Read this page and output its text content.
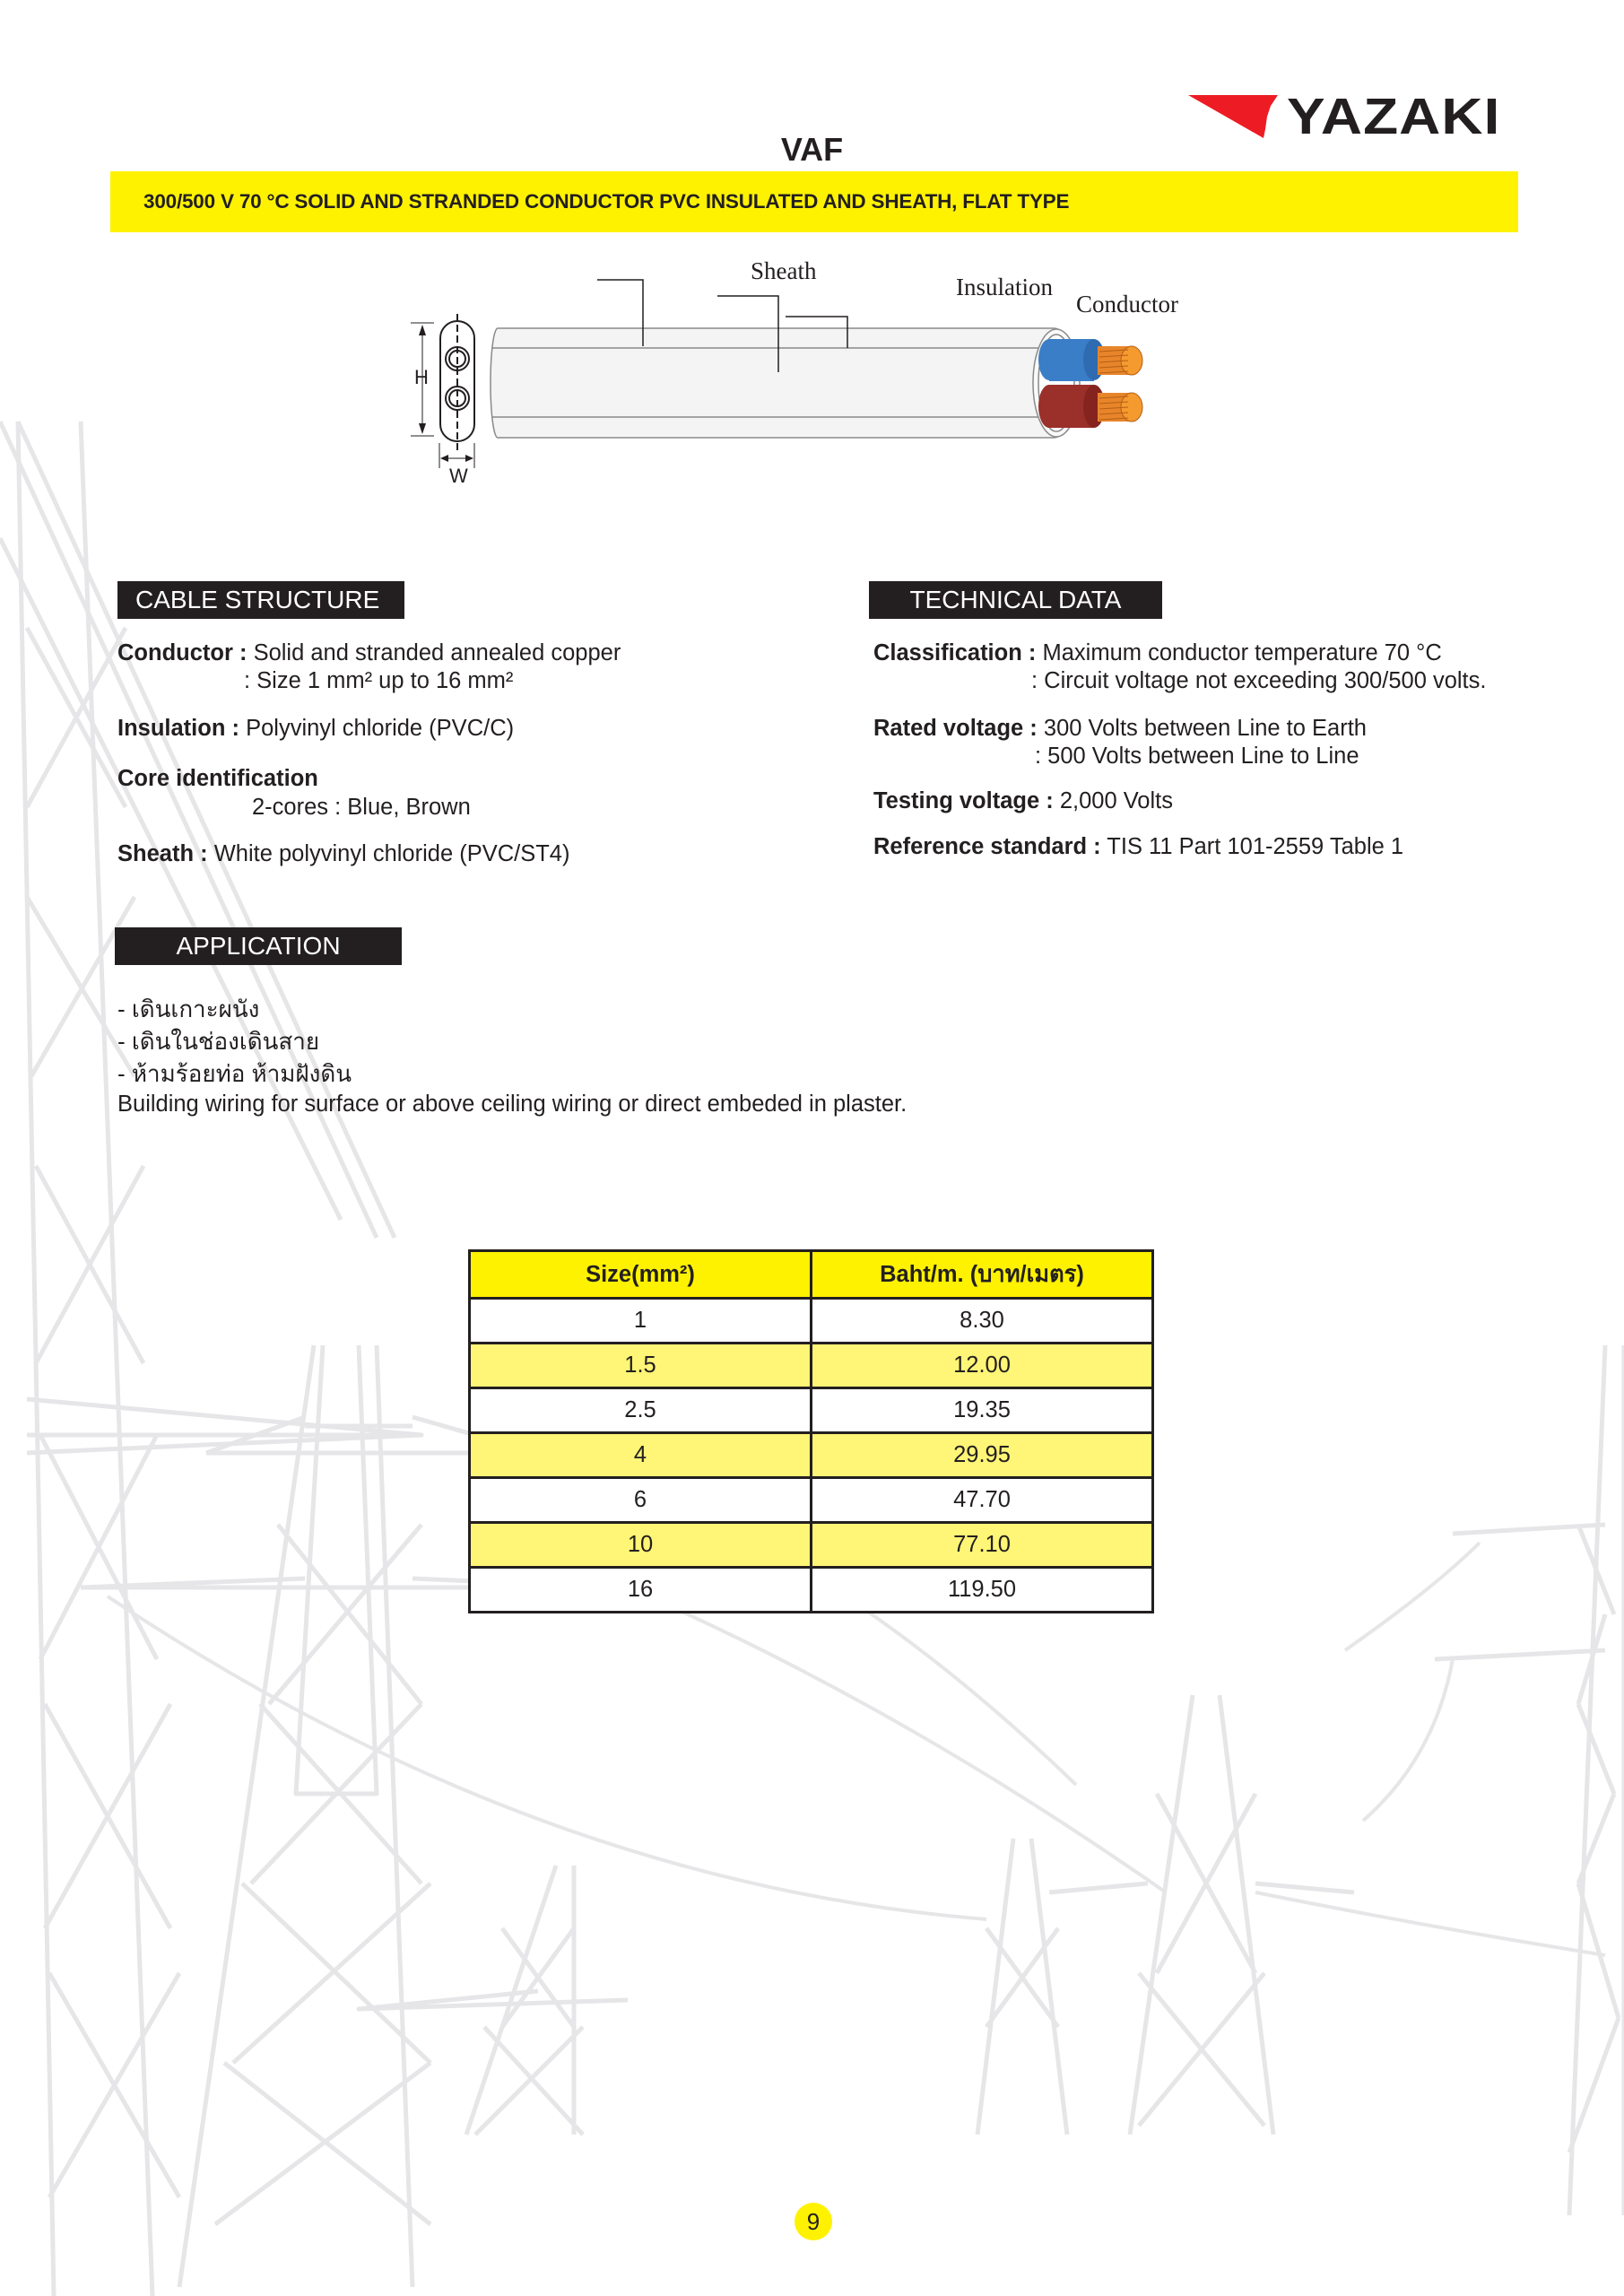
YAZAKI
VAF
300/500 V 70 °C SOLID AND STRANDED CONDUCTOR PVC INSULATED AND SHEATH, FLAT TYPE
Sheath
Insulation
Conductor
H
W
CABLE STRUCTURE
Conductor : Solid and stranded annealed copper
: Size 1 mm² up to 16 mm²
Insulation : Polyvinyl chloride (PVC/C)
Core identification
2-cores : Blue, Brown
Sheath : White polyvinyl chloride (PVC/ST4)
TECHNICAL DATA
Classification : Maximum conductor temperature 70 °C
: Circuit voltage not exceeding 300/500 volts.
Rated voltage : 300 Volts between Line to Earth
: 500 Volts between Line to Line
Testing voltage : 2,000 Volts
Reference standard : TIS 11 Part 101-2559 Table 1
APPLICATION
- เดินเกาะผนัง
- เดินในช่องเดินสาย
- ห้ามร้อยท่อ ห้ามฝังดิน
Building wiring for surface or above ceiling wiring or direct embeded in plaster.
Size(mm²)	Baht/m. (บาท/เมตร)
1	8.30
1.5	12.00
2.5	19.35
4	29.95
6	47.70
10	77.10
16	119.50
9
